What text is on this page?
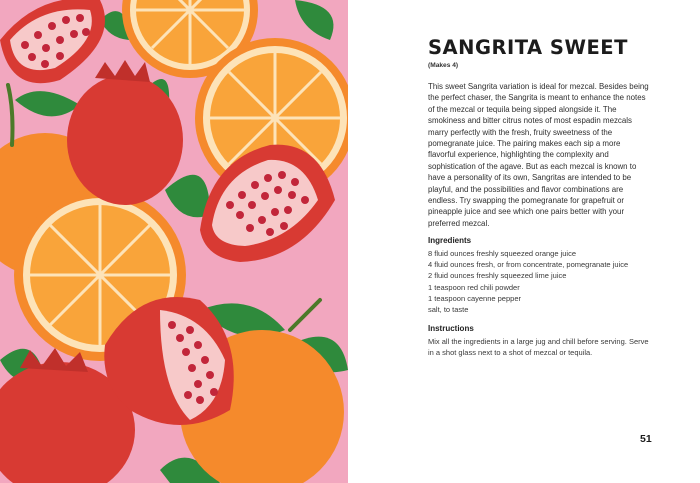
SANGRITA SWEET
(Makes 4)

This sweet Sangrita variation is ideal for mezcal. Besides being the perfect chaser, the Sangrita is meant to enhance the notes of the mezcal or tequila being sipped alongside it. The smokiness and bitter citrus notes of most espadin mezcals marry perfectly with the fresh, fruity sweetness of the pomegranate juice. The pairing makes each sip a more flavorful experience, highlighting the complexity and sophistication of the agave. But as each mezcal is known to have a personality of its own, Sangritas are intended to be playful, and the possibilities and flavor combinations are endless. Try swapping the pomegranate for grapefruit or pineapple juice and see which one pairs better with your preferred mezcal.

Ingredients
8 fluid ounces freshly squeezed orange juice
4 fluid ounces fresh, or from concentrate, pomegranate juice
2 fluid ounces freshly squeezed lime juice
1 teaspoon red chili powder
1 teaspoon cayenne pepper
salt, to taste
Instructions

Mix all the ingredients in a large jug and chill before serving. Serve in a shot glass next to a shot of mezcal or tequila.

51
